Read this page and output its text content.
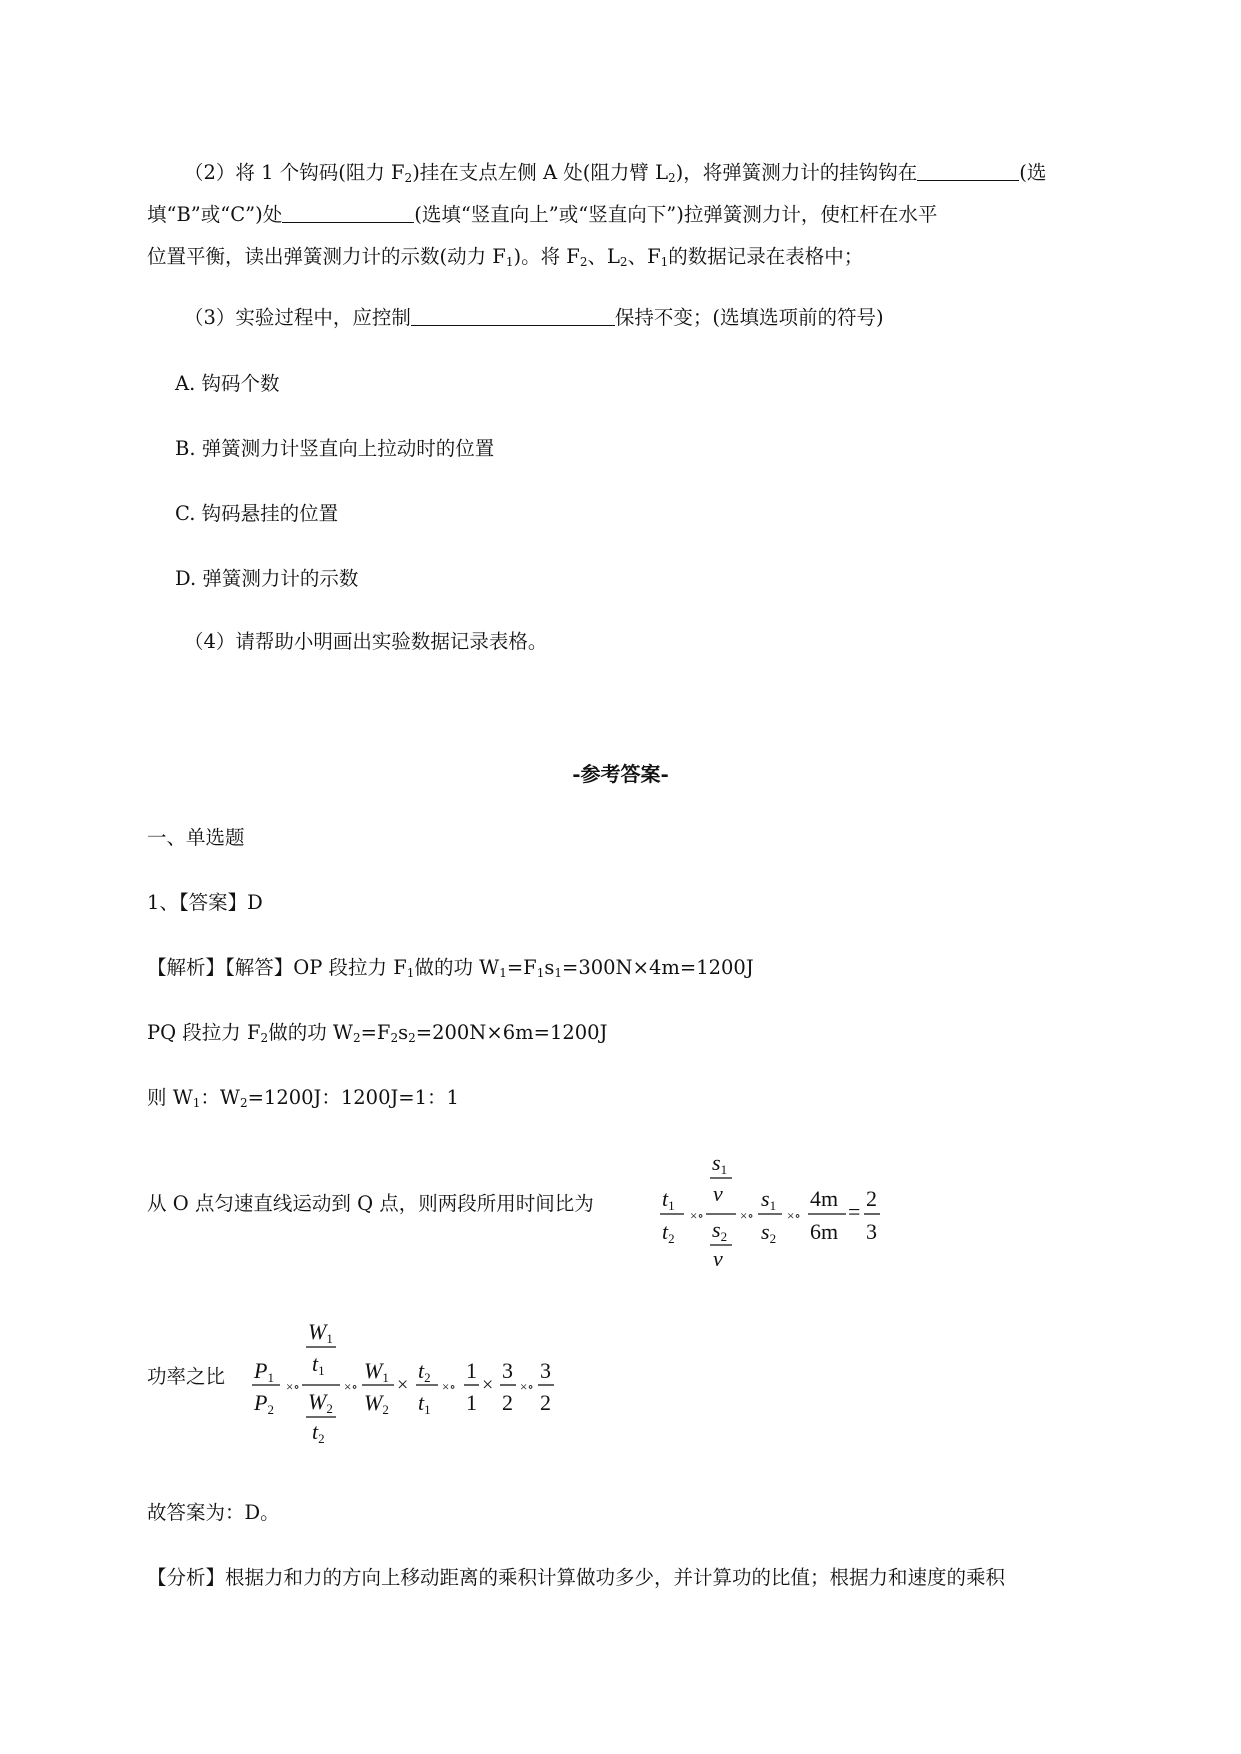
（2）将 1 个钩码(阻力 $F_2$)挂在支点左侧 A 处(阻力臂 $L_2$)，将弹簧测力计的挂钩钩在	(选
填“B”或“C”)处	(选填“竖直向上”或“竖直向下”)拉弹簧测力计，使杠杆在水平
位置平衡，读出弹簧测力计的示数(动力 $F_1$)。将 $F_2$、$L_2$、$F_1$的数据记录在表格中；
（3）实验过程中，应控制	保持不变；(选填选项前的符号)
A. 钩码个数
B. 弹簧测力计竖直向上拉动时的位置
C. 钩码悬挂的位置
D. 弹簧测力计的示数
（4）请帮助小明画出实验数据记录表格。
-参考答案-
一、单选题
1、【答案】D
【解析】【解答】OP 段拉力 $F_1$做的功 $W_1=F_1s_1=300N\times 4m=1200J$
PQ 段拉力 $F_2$做的功 $W_2=F_2s_2=200N\times 6m=1200J$
则 $W_1$：$W_2=1200J$：1200J=1：1
从 O 点匀速直线运动到 Q 点，则两段所用时间比为	t1
t2
×∘
s1
v
s2
v
×∘
s1
s2
×∘
4m
6m
=
2
3
功率之比 P1
P2
×∘
W1
t1
W2
t2
×∘
W1
W2
×
t2
t1
×∘
1
1
×
3
2
×∘
3
2
故答案为：D。
【分析】根据力和力的方向上移动距离的乘积计算做功多少，并计算功的比值；根据力和速度的乘积
